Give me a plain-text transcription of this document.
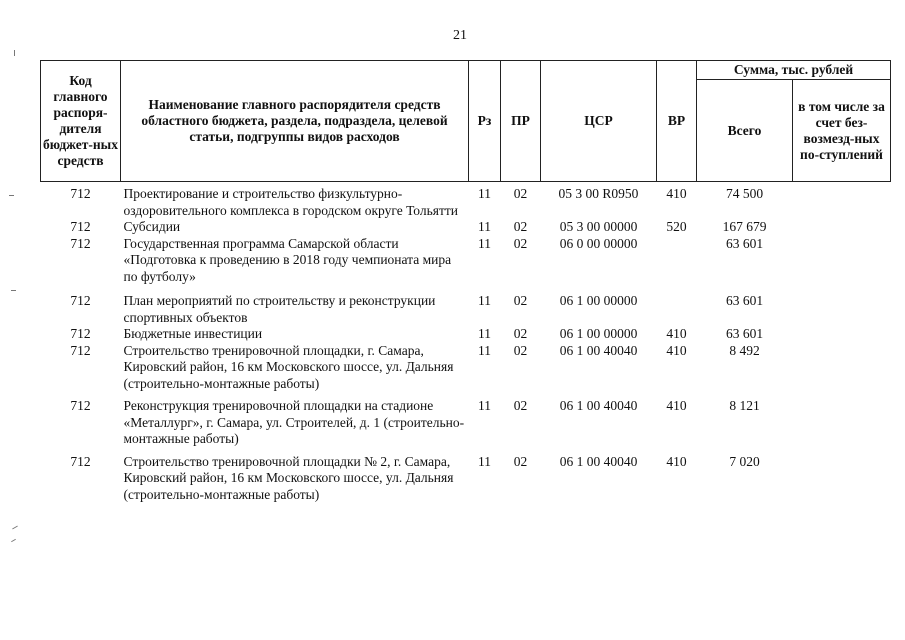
21
Код главного распоря-дителя бюджет-ных средств	Наименование главного распорядителя средств областного бюджета, раздела, подраздела, целевой статьи, подгруппы видов расходов	Рз	ПР	ЦСР	ВР	Сумма, тыс. рублей	
						Всего	в том числе за счет без-возмезд-ных по-ступлений
712	Проектирование и строительство физкультурно-оздоровительного комплекса в городском округе Тольятти	11	02	05 3 00 R0950	410	74 500	
712	Субсидии	11	02	05 3 00 00000	520	167 679	
712	Государственная программа Самарской области «Подготовка к проведению в 2018 году чемпионата мира по футболу»	11	02	06 0 00 00000		63 601	
712	План мероприятий по строительству и реконструкции спортивных объектов	11	02	06 1 00 00000		63 601	
712	Бюджетные инвестиции	11	02	06 1 00 00000	410	63 601	
712	Строительство тренировочной площадки, г. Самара, Кировский район, 16 км Московского шоссе, ул. Дальняя (строительно-монтажные работы)	11	02	06 1 00 40040	410	8 492	
712	Реконструкция тренировочной площадки на стадионе «Металлург», г. Самара, ул. Строителей, д. 1 (строительно-монтажные работы)	11	02	06 1 00 40040	410	8 121	
712	Строительство тренировочной площадки № 2, г. Самара, Кировский район, 16 км Московского шоссе, ул. Дальняя (строительно-монтажные работы)	11	02	06 1 00 40040	410	7 020	
